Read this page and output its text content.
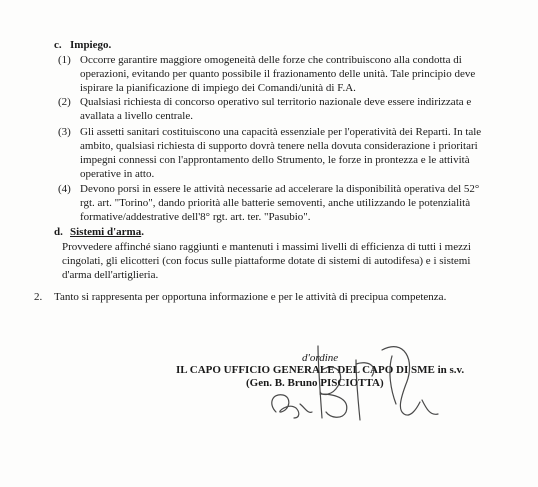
c. Impiego.
(1) Occorre garantire maggiore omogeneità delle forze che contribuiscono alla condotta di

operazioni, evitando per quanto possibile il frazionamento delle unità. Tale principio deve

ispirare la pianificazione di impiego dei Comandi/unità di F.A.

(2) Qualsiasi richiesta di concorso operativo sul territorio nazionale deve essere indirizzata e

avallata a livello centrale.

(3) Gli assetti sanitari costituiscono una capacità essenziale per l'operatività dei Reparti. In tale

ambito, qualsiasi richiesta di supporto dovrà tenere nella dovuta considerazione i prioritari

impegni connessi con l'approntamento dello Strumento, le forze in prontezza e le attività

operative in atto.

(4) Devono porsi in essere le attività necessarie ad accelerare la disponibilità operativa del 52°

rgt. art. "Torino", dando priorità alle batterie semoventi, anche utilizzando le potenzialità

formative/addestrative dell'8° rgt. art. ter. "Pasubio".

d. Sistemi d'arma.

Provvedere affinché siano raggiunti e mantenuti i massimi livelli di efficienza di tutti i mezzi

cingolati, gli elicotteri (con focus sulle piattaforme dotate di sistemi di autodifesa) e i sistemi

d'arma dell'artiglieria.

2. Tanto si rappresenta per opportuna informazione e per le attività di precipua competenza.

d'ordine

IL CAPO UFFICIO GENERALE DEL CAPO DI SME in s.v.

(Gen. B. Bruno PISCIOTTA)
